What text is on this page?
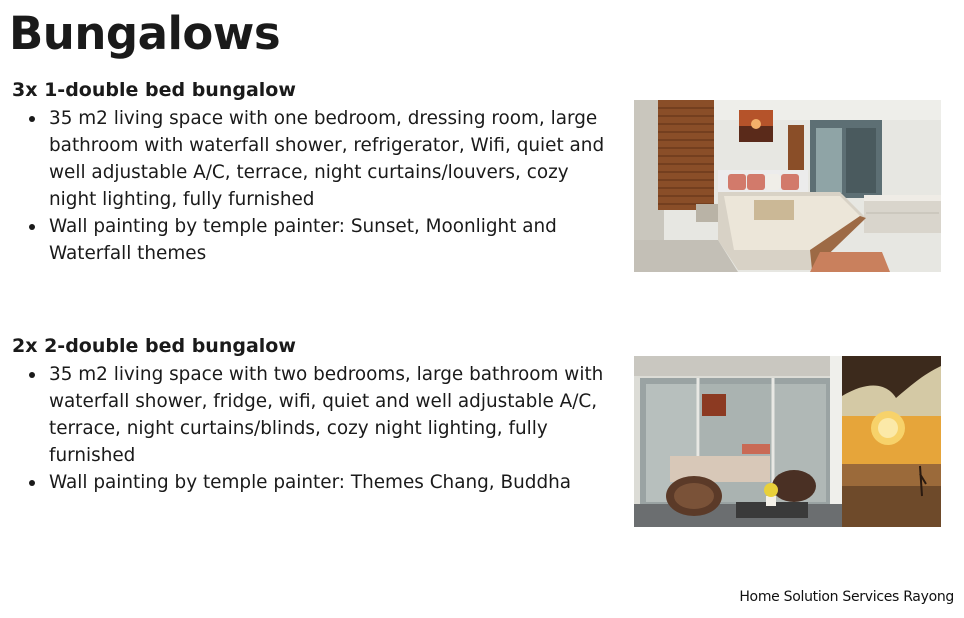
Bungalows
3x 1-double bed bungalow
35 m2 living space with one bedroom, dressing room, large bathroom with waterfall shower, refrigerator, Wifi, quiet and well adjustable A/C, terrace, night curtains/louvers, cozy night lighting, fully furnished
Wall painting by temple painter: Sunset, Moonlight and Waterfall themes
2x 2-double bed bungalow
35 m2 living space with two bedrooms, large bathroom with waterfall shower, fridge, wifi, quiet and well adjustable A/C, terrace, night curtains/blinds, cozy night lighting, fully furnished
Wall painting by temple painter: Themes Chang, Buddha
Home Solution Services Rayong
